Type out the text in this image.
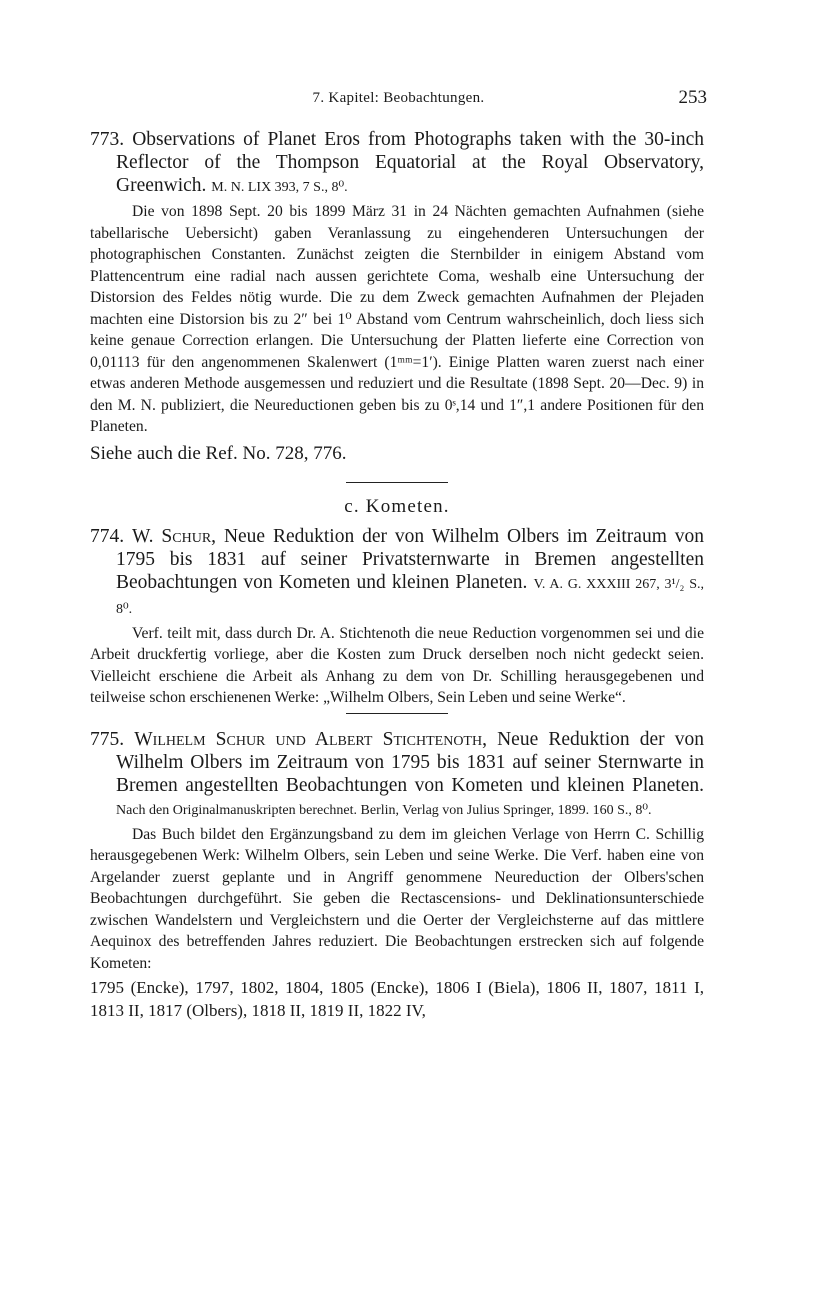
7. Kapitel: Beobachtungen.	253

773. Observations of Planet Eros from Photographs taken with the 30-inch Reflector of the Thompson Equatorial at the Royal Observatory, Greenwich. M. N. LIX 393, 7 S., 8⁰.

Die von 1898 Sept. 20 bis 1899 März 31 in 24 Nächten gemachten Aufnahmen (siehe tabellarische Uebersicht) gaben Veranlassung zu eingehenderen Untersuchungen der photographischen Constanten. Zunächst zeigten die Sternbilder in einigem Abstand vom Plattencentrum eine radial nach aussen gerichtete Coma, weshalb eine Untersuchung der Distorsion des Feldes nötig wurde. Die zu dem Zweck gemachten Aufnahmen der Plejaden machten eine Distorsion bis zu 2″ bei 1⁰ Abstand vom Centrum wahrscheinlich, doch liess sich keine genaue Correction erlangen. Die Untersuchung der Platten lieferte eine Correction von 0,01113 für den angenommenen Skalenwert (1ᵐᵐ=1′). Einige Platten waren zuerst nach einer etwas anderen Methode ausgemessen und reduziert und die Resultate (1898 Sept. 20—Dec. 9) in den M. N. publiziert, die Neureductionen geben bis zu 0ˢ,14 und 1″,1 andere Positionen für den Planeten.

Siehe auch die Ref. No. 728, 776.

c. Kometen.

774. W. Schur, Neue Reduktion der von Wilhelm Olbers im Zeitraum von 1795 bis 1831 auf seiner Privatsternwarte in Bremen angestellten Beobachtungen von Kometen und kleinen Planeten. V. A. G. XXXIII 267, 3¹/₂ S., 8⁰.

Verf. teilt mit, dass durch Dr. A. Stichtenoth die neue Reduction vorgenommen sei und die Arbeit druckfertig vorliege, aber die Kosten zum Druck derselben noch nicht gedeckt seien. Vielleicht erschiene die Arbeit als Anhang zu dem von Dr. Schilling herausgegebenen und teilweise schon erschienenen Werke: „Wilhelm Olbers, Sein Leben und seine Werke“.

775. Wilhelm Schur und Albert Stichtenoth, Neue Reduktion der von Wilhelm Olbers im Zeitraum von 1795 bis 1831 auf seiner Sternwarte in Bremen angestellten Beobachtungen von Kometen und kleinen Planeten. Nach den Originalmanuskripten berechnet. Berlin, Verlag von Julius Springer, 1899. 160 S., 8⁰.

Das Buch bildet den Ergänzungsband zu dem im gleichen Verlage von Herrn C. Schillig herausgegebenen Werk: Wilhelm Olbers, sein Leben und seine Werke. Die Verf. haben eine von Argelander zuerst geplante und in Angriff genommene Neureduction der Olbers'schen Beobachtungen durchgeführt. Sie geben die Rectascensions- und Deklinationsunterschiede zwischen Wandelstern und Vergleichstern und die Oerter der Vergleichsterne auf das mittlere Aequinox des betreffenden Jahres reduziert. Die Beobachtungen erstrecken sich auf folgende Kometen:

1795 (Encke), 1797, 1802, 1804, 1805 (Encke), 1806 I (Biela), 1806 II, 1807, 1811 I, 1813 II, 1817 (Olbers), 1818 II, 1819 II, 1822 IV,
